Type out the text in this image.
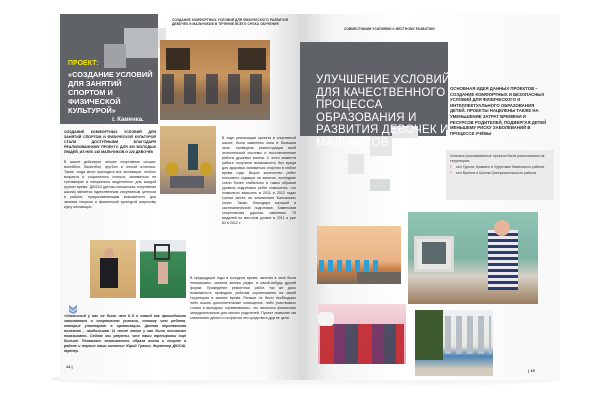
ПРОЕКТ:
«СОЗДАНИЕ УСЛОВИЙ ДЛЯ ЗАНЯТИЙ СПОРТОМ И ФИЗИЧЕСКОЙ КУЛЬТУРОЙ»
г. Каменка.
СОЗДАНИЕ КОМФОРТНЫХ УСЛОВИЙ ДЛЯ ФИЗИЧЕСКОГО РАЗВИТИЯ ДЕВОЧЕК И МАЛЬЧИКОВ В ТЕЧЕНИЕ ВСЕГО СРОКА ОБУЧЕНИЯ
СОЗДАНИЕ КОМФОРТНЫХ УСЛОВИЙ ДЛЯ ЗАНЯТИЙ СПОРТОМ И ФИЗИЧЕСКОЙ КУЛЬТУРОЙ СТАЛИ ДОСТУПНЫМИ БЛАГОДАРЯ РЕАЛИЗОВАННОМУ ПРОЕКТУ, ДЛЯ 300 МОЛОДЫХ ЛЮДЕЙ, ИЗ НИХ 140 МАЛЬЧИКОВ И 220 ДЕВОЧЕК
В школе действуют четыре спортивные секции: волейбол, баскетбол, футбол и легкой атлетики. Также, сюда могут приходить все желающие, любого возраста и социального статуса, заниматься на тренажерах в специально выделенное для каждой группы время. ДЮСШ (детско-юношеская спортивная школа) является единственным спортивным центром в районе, предоставляющим возможность для занятия спортом и физической культурой широкому кругу желающих.
В ходе реализации проекта в спортивной школе, были заменены окна в большом зале, проведена реконструкция всей отопительной системы и восстановление работы душевых комнат. С этого момента работа получила возможность без вреда для здоровья заниматься спортом в любое время года. Вырос количество ребят постоянно ходящих на занятия, последние стали более стабильны и таким образом уровень подготовки ребят повысился, что позволило выиграть в 2011 и 2012 годах третьи места на чемпионате Балканских стран. Также, благодаря хорошей и систематической подготовке, Каменским спортсменам удалось завоевать 78 медалей на местном уровне в 2011 и уже 82 в 2012 г.
В предыдущие годы в холодное время, занятия в зале были невозможны, занятия велись редко, в какой-нибудь другой форме. Проведение ремонтных работ, так же дало возможность проводить ребятам соревнования на своей территории в зимнее время. Раньше не было необходимо либо искать дополнительные помещения, либо участвовать только в выездных соревнованиях, что являлось финансово затруднительным для многих родителей. Проект позволил им сэкономить деньги и потратить эти средства в другие цели.
«Отличный у нас не было лет 8–9 и такой как прошедшими занимаются в спортивном условии, потому что ребята, которые участвуют в организации. Данная перспектива полезная – наибольшая. И, после этого у нас было основание показывать. Сейчас мы уверены, что наши тренировки ещё больше. Появилась возможность образа жизни и спорте в районе и первые наши штаты» Юрий Гракин, директор ДЮСШ, тренер.
14 |
СОВМЕСТНЫМИ УСИЛИЯМИ К МЕСТНОМУ РАЗВИТИЮ
УЛУЧШЕНИЕ УСЛОВИЙ ДЛЯ КАЧЕСТВЕННОГО ПРОЦЕССА ОБРАЗОВАНИЯ И РАЗВИТИЯ ДЕВОЧЕК И МАЛЬЧИКОВ
ОСНОВНАЯ ИДЕЯ ДАННЫХ ПРОЕКТОВ – СОЗДАНИЕ КОМФОРТНЫХ И БЕЗОПАСНЫХ УСЛОВИЙ ДЛЯ ФИЗИЧЕСКОГО И ИНТЕЛЛЕКТУАЛЬНОГО ОБРАЗОВАНИЯ ДЕТЕЙ. ПРОЕКТЫ НАЦЕЛЕНЫ ТАКЖЕ НА УМЕНЬШЕНИЕ ЗАТРАТ ВРЕМЕНИ И РЕСУРСОВ РОДИТЕЛЕЙ, ПОДВЕРГАЯ ДЕТЕЙ МЕНЬШЕМУ РИСКУ ЗАБОЛЕВАНИЙ В ПРОЦЕССЕ УЧЁБЫ
Успешно реализованные проекты были реализованы на территории:
›	сел Гурьев, Кравиен и Хурутовке Каменского района,
›	сел Валени и Шолна Григориопольского района.
| 15
